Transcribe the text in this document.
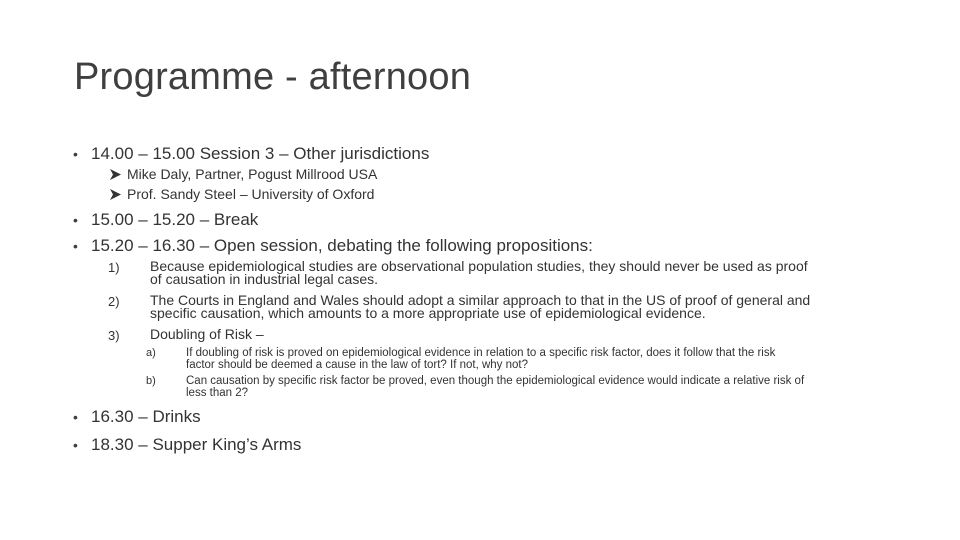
Programme - afternoon
• 14.00 – 15.00 Session 3 – Other jurisdictions
Mike Daly, Partner, Pogust Millrood USA
Prof. Sandy Steel – University of Oxford
• 15.00 – 15.20 – Break
• 15.20 – 16.30 – Open session, debating the following propositions:
1) Because epidemiological studies are observational population studies, they should never be used as proof
of causation in industrial legal cases.
2) The Courts in England and Wales should adopt a similar approach to that in the US of proof of general and
specific causation, which amounts to a more appropriate use of epidemiological evidence.
3) Doubling of Risk –
a)	If doubling of risk is proved on epidemiological evidence in relation to a specific risk factor, does it follow that the risk
factor should be deemed a cause in the law of tort? If not, why not?
b)	Can causation by specific risk factor be proved, even though the epidemiological evidence would indicate a relative risk of
less than 2?
• 16.30 – Drinks
• 18.30 – Supper King’s Arms
